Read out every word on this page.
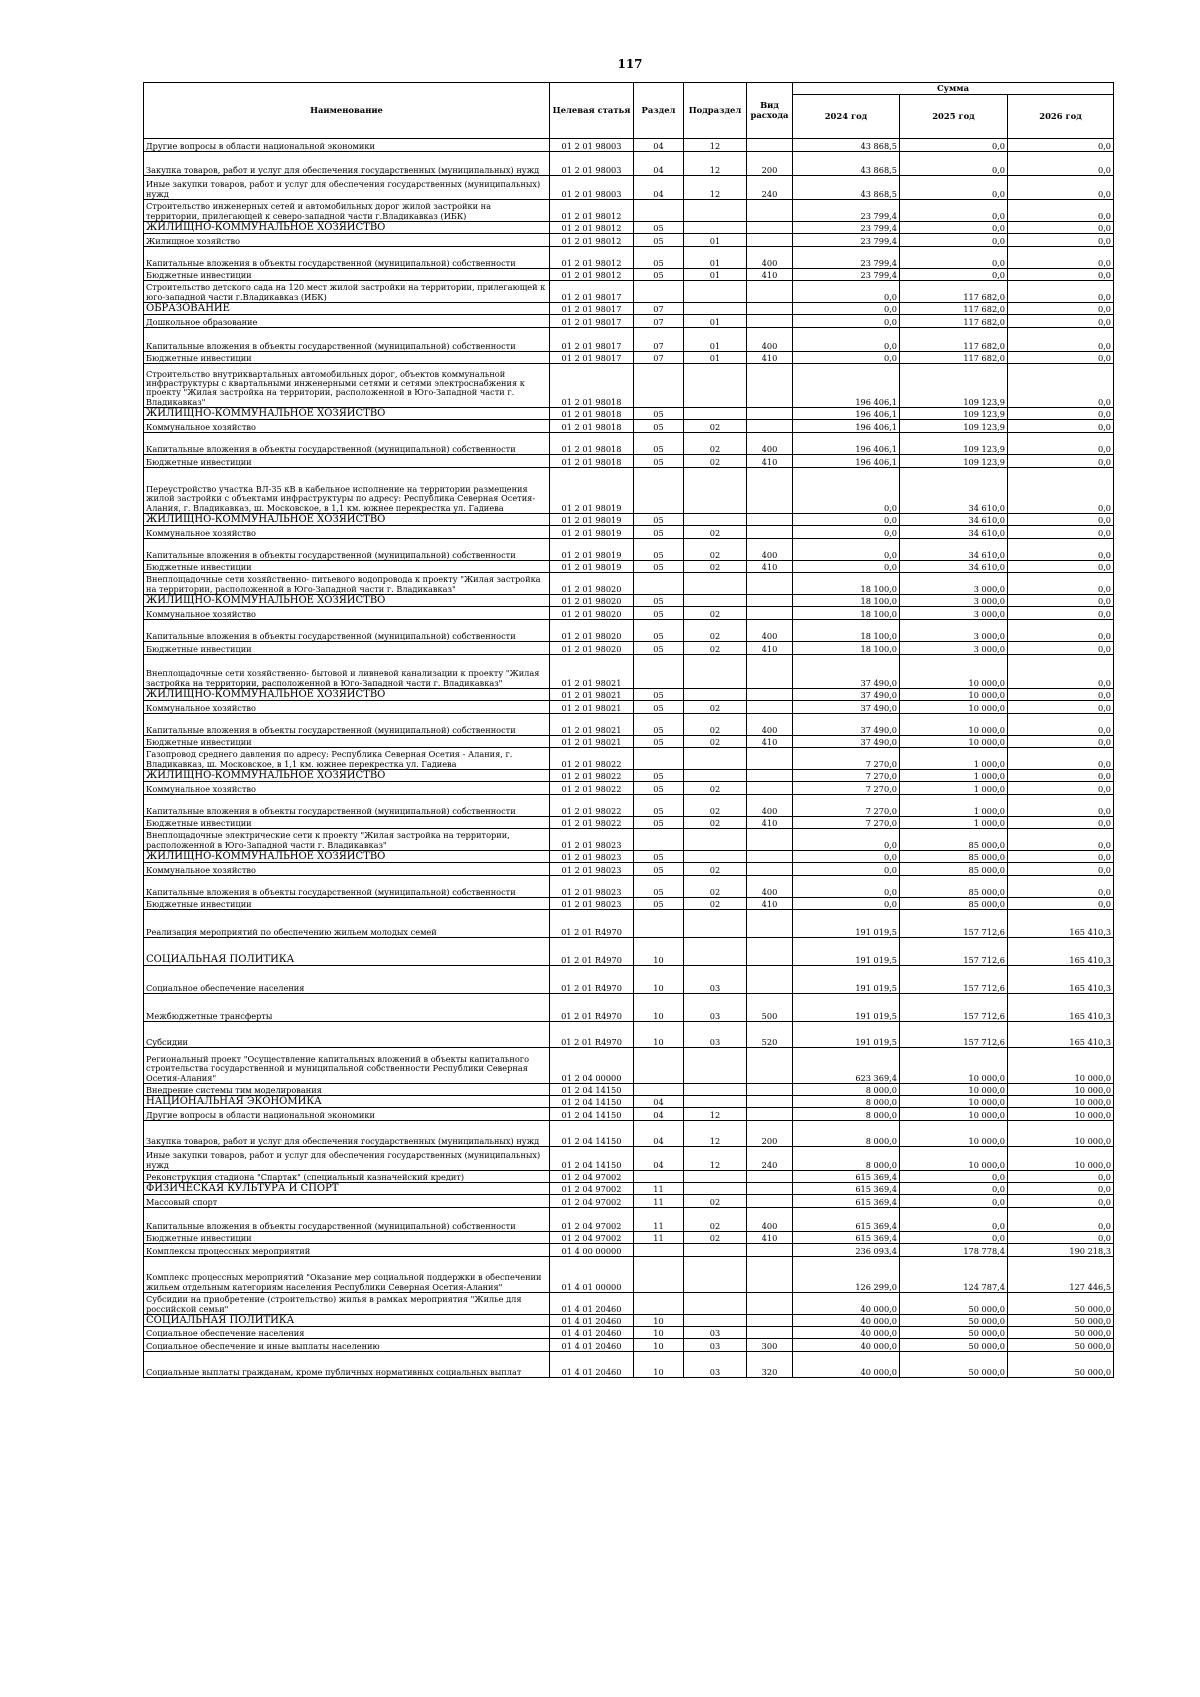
117
Наименование	Целевая статья	Раздел	Подраздел	Вид расхода	Сумма		
					2024 год	2025 год	2026 год
Другие вопросы в области национальной экономики	01 2 01 98003	04	12		43 868,5	0,0	0,0
Закупка товаров, работ и услуг для обеспечения государственных (муниципальных) нужд	01 2 01 98003	04	12	200	43 868,5	0,0	0,0
Иные закупки товаров, работ и услуг для обеспечения государственных (муниципальных) нужд	01 2 01 98003	04	12	240	43 868,5	0,0	0,0
Строительство инженерных сетей и автомобильных дорог жилой застройки на территории, прилегающей к северо-западной части г.Владикавказ (ИБК)	01 2 01 98012				23 799,4	0,0	0,0
ЖИЛИЩНО-КОММУНАЛЬНОЕ ХОЗЯЙСТВО	01 2 01 98012	05			23 799,4	0,0	0,0
Жилищное хозяйство	01 2 01 98012	05	01		23 799,4	0,0	0,0
Капитальные вложения в объекты государственной (муниципальной) собственности	01 2 01 98012	05	01	400	23 799,4	0,0	0,0
Бюджетные инвестиции	01 2 01 98012	05	01	410	23 799,4	0,0	0,0
Строительство детского сада на 120 мест жилой застройки на территории, прилегающей к юго-западной части г.Владикавказ (ИБК)	01 2 01 98017				0,0	117 682,0	0,0
ОБРАЗОВАНИЕ	01 2 01 98017	07			0,0	117 682,0	0,0
Дошкольное образование	01 2 01 98017	07	01		0,0	117 682,0	0,0
Капитальные вложения в объекты государственной (муниципальной) собственности	01 2 01 98017	07	01	400	0,0	117 682,0	0,0
Бюджетные инвестиции	01 2 01 98017	07	01	410	0,0	117 682,0	0,0
Строительство внутриквартальных автомобильных дорог, объектов коммунальной инфраструктуры с квартальными инженерными сетями и сетями электроснабжения к проекту "Жилая застройка на территории, расположенной в Юго-Западной части г. Владикавказ"	01 2 01 98018				196 406,1	109 123,9	0,0
ЖИЛИЩНО-КОММУНАЛЬНОЕ ХОЗЯЙСТВО	01 2 01 98018	05			196 406,1	109 123,9	0,0
Коммунальное хозяйство	01 2 01 98018	05	02		196 406,1	109 123,9	0,0
Капитальные вложения в объекты государственной (муниципальной) собственности	01 2 01 98018	05	02	400	196 406,1	109 123,9	0,0
Бюджетные инвестиции	01 2 01 98018	05	02	410	196 406,1	109 123,9	0,0
Переустройство участка ВЛ-35 кВ в кабельное исполнение на территории размещения жилой застройки с объектами инфраструктуры по адресу: Республика Северная Осетия-Алания, г. Владикавказ, ш. Московское, в 1,1 км. южнее перекрестка ул. Гадиева	01 2 01 98019				0,0	34 610,0	0,0
ЖИЛИЩНО-КОММУНАЛЬНОЕ ХОЗЯЙСТВО	01 2 01 98019	05			0,0	34 610,0	0,0
Коммунальное хозяйство	01 2 01 98019	05	02		0,0	34 610,0	0,0
Капитальные вложения в объекты государственной (муниципальной) собственности	01 2 01 98019	05	02	400	0,0	34 610,0	0,0
Бюджетные инвестиции	01 2 01 98019	05	02	410	0,0	34 610,0	0,0
Внеплощадочные сети хозяйственно- питьевого водопровода к проекту "Жилая застройка на территории, расположенной в Юго-Западной части г. Владикавказ"	01 2 01 98020				18 100,0	3 000,0	0,0
ЖИЛИЩНО-КОММУНАЛЬНОЕ ХОЗЯЙСТВО	01 2 01 98020	05			18 100,0	3 000,0	0,0
Коммунальное хозяйство	01 2 01 98020	05	02		18 100,0	3 000,0	0,0
Капитальные вложения в объекты государственной (муниципальной) собственности	01 2 01 98020	05	02	400	18 100,0	3 000,0	0,0
Бюджетные инвестиции	01 2 01 98020	05	02	410	18 100,0	3 000,0	0,0
Внеплощадочные сети хозяйственно- бытовой и ливневой канализации к проекту "Жилая застройка на территории, расположенной в Юго-Западной части г. Владикавказ"	01 2 01 98021				37 490,0	10 000,0	0,0
ЖИЛИЩНО-КОММУНАЛЬНОЕ ХОЗЯЙСТВО	01 2 01 98021	05			37 490,0	10 000,0	0,0
Коммунальное хозяйство	01 2 01 98021	05	02		37 490,0	10 000,0	0,0
Капитальные вложения в объекты государственной (муниципальной) собственности	01 2 01 98021	05	02	400	37 490,0	10 000,0	0,0
Бюджетные инвестиции	01 2 01 98021	05	02	410	37 490,0	10 000,0	0,0
Газопровод среднего давления по адресу: Республика Северная Осетия - Алания, г. Владикавказ, ш. Московское, в 1,1 км. южнее перекрестка ул. Гадиева	01 2 01 98022				7 270,0	1 000,0	0,0
ЖИЛИЩНО-КОММУНАЛЬНОЕ ХОЗЯЙСТВО	01 2 01 98022	05			7 270,0	1 000,0	0,0
Коммунальное хозяйство	01 2 01 98022	05	02		7 270,0	1 000,0	0,0
Капитальные вложения в объекты государственной (муниципальной) собственности	01 2 01 98022	05	02	400	7 270,0	1 000,0	0,0
Бюджетные инвестиции	01 2 01 98022	05	02	410	7 270,0	1 000,0	0,0
Внеплощадочные электрические сети к проекту "Жилая застройка на территории, расположенной в Юго-Западной части г. Владикавказ"	01 2 01 98023				0,0	85 000,0	0,0
ЖИЛИЩНО-КОММУНАЛЬНОЕ ХОЗЯЙСТВО	01 2 01 98023	05			0,0	85 000,0	0,0
Коммунальное хозяйство	01 2 01 98023	05	02		0,0	85 000,0	0,0
Капитальные вложения в объекты государственной (муниципальной) собственности	01 2 01 98023	05	02	400	0,0	85 000,0	0,0
Бюджетные инвестиции	01 2 01 98023	05	02	410	0,0	85 000,0	0,0
Реализация мероприятий по обеспечению жильем молодых семей	01 2 01 R4970				191 019,5	157 712,6	165 410,3
СОЦИАЛЬНАЯ ПОЛИТИКА	01 2 01 R4970	10			191 019,5	157 712,6	165 410,3
Социальное обеспечение населения	01 2 01 R4970	10	03		191 019,5	157 712,6	165 410,3
Межбюджетные трансферты	01 2 01 R4970	10	03	500	191 019,5	157 712,6	165 410,3
Субсидии	01 2 01 R4970	10	03	520	191 019,5	157 712,6	165 410,3
Региональный проект "Осуществление капитальных вложений в объекты капитального строительства государственной и муниципальной собственности Республики Северная Осетия-Алания"	01 2 04 00000				623 369,4	10 000,0	10 000,0
Внедрение системы тим моделирования	01 2 04 14150				8 000,0	10 000,0	10 000,0
НАЦИОНАЛЬНАЯ ЭКОНОМИКА	01 2 04 14150	04			8 000,0	10 000,0	10 000,0
Другие вопросы в области национальной экономики	01 2 04 14150	04	12		8 000,0	10 000,0	10 000,0
Закупка товаров, работ и услуг для обеспечения государственных (муниципальных) нужд	01 2 04 14150	04	12	200	8 000,0	10 000,0	10 000,0
Иные закупки товаров, работ и услуг для обеспечения государственных (муниципальных) нужд	01 2 04 14150	04	12	240	8 000,0	10 000,0	10 000,0
Реконструкция стадиона "Спартак" (специальный казначейский кредит)	01 2 04 97002				615 369,4	0,0	0,0
ФИЗИЧЕСКАЯ КУЛЬТУРА И СПОРТ	01 2 04 97002	11			615 369,4	0,0	0,0
Массовый спорт	01 2 04 97002	11	02		615 369,4	0,0	0,0
Капитальные вложения в объекты государственной (муниципальной) собственности	01 2 04 97002	11	02	400	615 369,4	0,0	0,0
Бюджетные инвестиции	01 2 04 97002	11	02	410	615 369,4	0,0	0,0
Комплексы процессных мероприятий	01 4 00 00000				236 093,4	178 778,4	190 218,3
Комплекс процессных мероприятий "Оказание мер социальной поддержки в обеспечении жильем отдельным категориям населения Республики Северная Осетия-Алания"	01 4 01 00000				126 299,0	124 787,4	127 446,5
Субсидии на приобретение (строительство) жилья в рамках мероприятия "Жилье для российской семьи"	01 4 01 20460				40 000,0	50 000,0	50 000,0
СОЦИАЛЬНАЯ ПОЛИТИКА	01 4 01 20460	10			40 000,0	50 000,0	50 000,0
Социальное обеспечение населения	01 4 01 20460	10	03		40 000,0	50 000,0	50 000,0
Социальное обеспечение и иные выплаты населению	01 4 01 20460	10	03	300	40 000,0	50 000,0	50 000,0
Социальные выплаты гражданам, кроме публичных нормативных социальных выплат	01 4 01 20460	10	03	320	40 000,0	50 000,0	50 000,0
